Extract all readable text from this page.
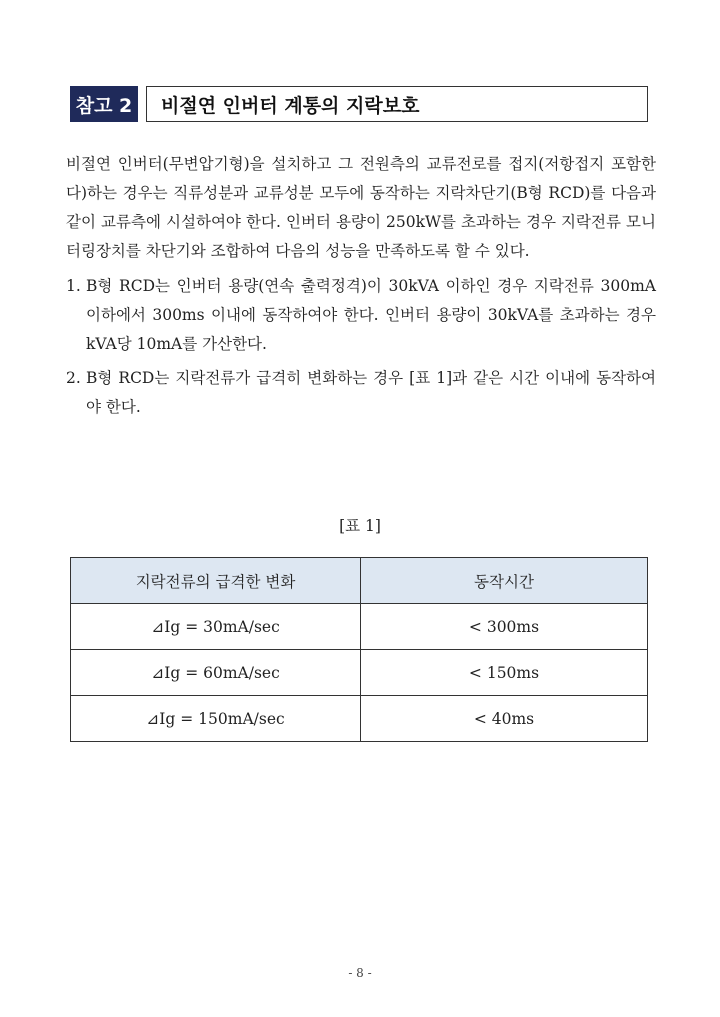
참고 2	비절연 인버터 계통의 지락보호

비절연 인버터(무변압기형)을 설치하고 그 전원측의 교류전로를 접지(저항접지 포함한다)하는 경우는 직류성분과 교류성분 모두에 동작하는 지락차단기(B형 RCD)를 다음과 같이 교류측에 시설하여야 한다. 인버터 용량이 250kW를 초과하는 경우 지락전류 모니터링장치를 차단기와 조합하여 다음의 성능을 만족하도록 할 수 있다.

1. B형 RCD는 인버터 용량(연속 출력정격)이 30kVA 이하인 경우 지락전류 300mA 이하에서 300ms 이내에 동작하여야 한다. 인버터 용량이 30kVA를 초과하는 경우 kVA당 10mA를 가산한다.
2. B형 RCD는 지락전류가 급격히 변화하는 경우 [표 1]과 같은 시간 이내에 동작하여야 한다.
[표 1]
지락전류의 급격한 변화	동작시간
⊿Ig = 30mA/sec	< 300ms
⊿Ig = 60mA/sec	< 150ms
⊿Ig = 150mA/sec	< 40ms
- 8 -
